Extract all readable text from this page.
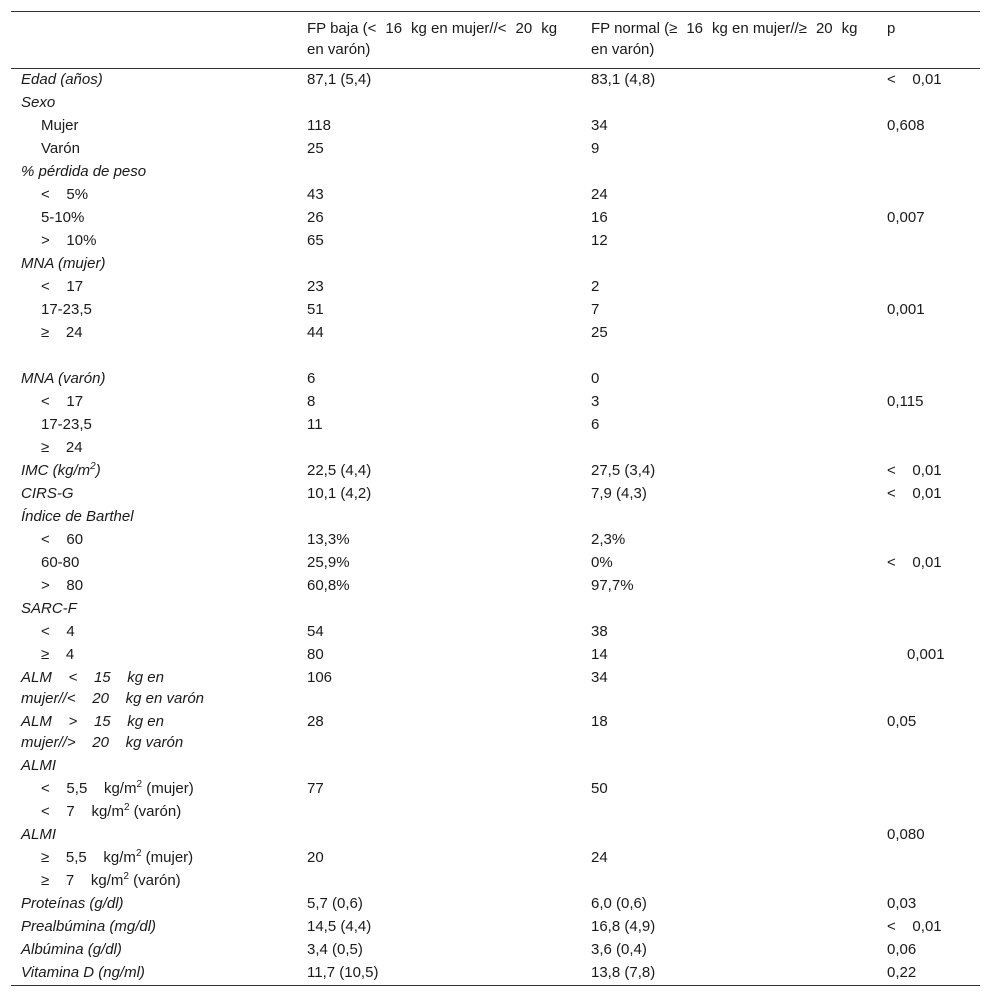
	FP baja (<   16   kg en mujer//<   20   kg en varón)	FP normal (≥   16   kg en mujer//≥   20   kg en varón)	p
Edad (años)	87,1 (5,4)	83,1 (4,8)	<    0,01
Sexo			
Mujer	118	34	0,608
Varón	25	9	
% pérdida de peso			
<    5%	43	24	
5-10%	26	16	0,007
>    10%	65	12	
MNA (mujer)			
<    17	23	2	
17-23,5	51	7	0,001
≥    24	44	25	

MNA (varón)	6	0	
<    17	8	3	0,115
17-23,5	11	6	
≥    24			
IMC $(kg/m^2)$	22,5 (4,4)	27,5 (3,4)	<    0,01
CIRS-G	10,1 (4,2)	7,9 (4,3)	<    0,01
Índice de Barthel			
<    60	13,3%	2,3%	
60-80	25,9%	0%	<    0,01
>    80	60,8%	97,7%	
SARC-F			
<    4	54	38	
≥    4	80	14	0,001
ALM    <    15    kg en mujer//<    20    kg en varón	106	34	
ALM    >    15    kg en mujer//>    20    kg varón	28	18	0,05
ALMI			
<    5,5    $kg/m^2$ (mujer)	77	50	
<    7    $kg/m^2$ (varón)			
ALMI			0,080
≥    5,5    $kg/m^2$ (mujer)	20	24	
≥    7    $kg/m^2$ (varón)			
Proteínas (g/dl)	5,7 (0,6)	6,0 (0,6)	0,03
Prealbúmina (mg/dl)	14,5 (4,4)	16,8 (4,9)	<    0,01
Albúmina (g/dl)	3,4 (0,5)	3,6 (0,4)	0,06
Vitamina D (ng/ml)	11,7 (10,5)	13,8 (7,8)	0,22
